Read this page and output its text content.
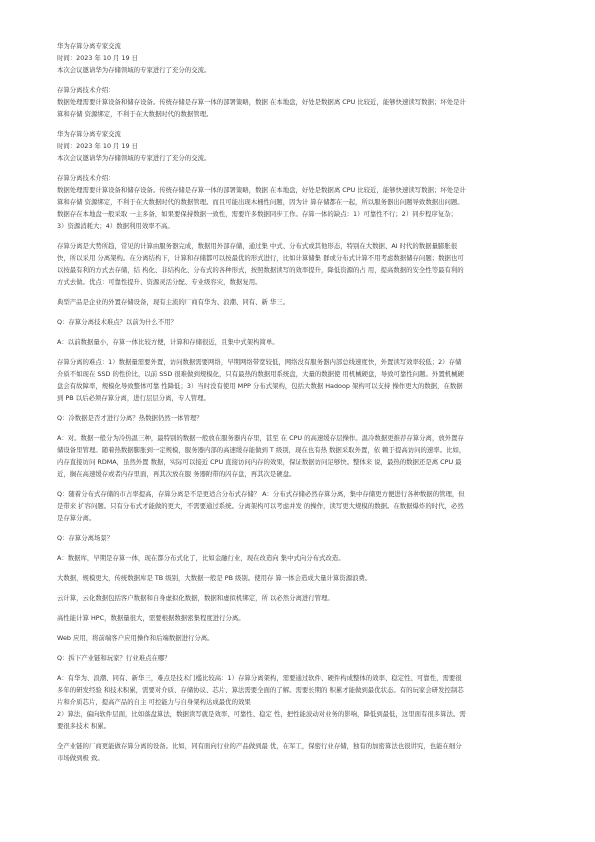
华为存算分离专家交流
时间：2023 年 10 月 19 日
本次会议邀请华为存储领域的专家进行了充分的交流。
存算分离技术介绍：
数据处理需要计算设备和储存设备。传统存储是存算一体的部署策略，数据 在本地盘，好处是数据离 CPU 比较近，能够快速读写数据；坏处是计
算和存储 资源绑定，不利于在大数据时代的数据管理。
华为存算分离专家交流
时间：2023 年 10 月 19 日
本次会议邀请华为存储领域的专家进行了充分的交流。
存算分离技术介绍：
数据处理需要计算设备和储存设备。传统存储是存算一体的部署策略，数据 在本地盘，好处是数据离 CPU 比较近，能够快速读写数据；坏处是计
算和存储 资源绑定，不利于在大数据时代的数据管理。而且可能出现木桶性问题，因为计 算存储都在一起，所以服务器出问题导致数据出问题。
数据存在本地盘一般采取 一主多备，如果要保持数据一致性，需要许多数据同步工作。存算一体的缺点：1）可靠性不行；2）同步程序复杂；
3）资源消耗大；4）数据利用效率不高。
存算分离是大势所趋，常见的计算由服务器完成，数据用外部存储，通过集 中式、分布式或其他形态，特别在大数据、AI 时代的数据量膨胀很
快，所以采用 分离架构。在分离结构下，计算和存储都可以按最优的形式进行，比如计算储集 群或分布式计算不用考虑数据储存问题；数据也可
以按最有利的方式去存储，结 构化、非结构化、分布式的各种形式，按照数据读写的效率提升，降低资源的占 用，提高数据的安全性等最有利的
方式去做。优点：可靠性提升、资源灵活分配、专业级容灾，数据复用。
典型产品是企业的外置存储设备，现有主流的厂商有华为、浪潮、同有、新 华三。
Q：存算分离技术难点？以前为什么不用？
A：以前数据量小，存算一体比较方便，计算和存储很近，且集中式架构简单。
存算分离的难点：1）数据量需要外置，访问数据需要网络，早期网络带宽较低，网络没有服务器内部总线速度快，外置读写效率较低；2）存储
介质不如现在 SSD 的性价比，以前 SSD 很难做到规模化，只有最热的数据用系统盘，大量的数据使 用机械硬盘，导致可靠性问题。外置机械硬
盘会有故障率，规模化导致整体可靠 性降低；3）当时没有使用 MPP 分布式架构，包括大数据 Hadoop 架构可以支持 操作更大的数据，在数据
到 PB 以后必须存算分离，进行层层分离，专人管理。
Q：冷数据是否才进行分离？热数据仍然一体管理？
A：对。数据一般分为冷热温三种，最特别的数据一般放在服务器内存里，甚至 在 CPU 的高速缓存层操作。温冷数据更推荐存算分离，放外置存
储设备里管理。随着热数据膨胀到一定规模，服务器内部的高速缓存能做到 T 级别，现在也有热 数据采取外置，依 赖于提高访问的速率。比如，
内存直接访问 RDMA，虽然外置 数据，实际可以接近 CPU 直接访问内存的效果，保证数据访问足够快。整体来 说，最热的数据还是离 CPU 最
近，搁在高速缓存或者内存里面，再其次放在服 务器附带的闪存盘，再其次是硬盘。
Q：随着分布式存储的市占率提高，存算分离是不是更适合分布式存储？ A：分布式存储必然存算分离，集中存储更方便进行各种数据的管理，但
是带来 扩容问题。只有分布式才能做的更大，不需要通过系统。分离架构可以考虑并发 的操作，读写更大规模的数据。在数据爆炸的时代，必然
是存算分离。
Q：存算分离场景？
A：数据库，早期是存算一体，现在都分布式化了，比如金融行业，现在改造向 集中式向分布式改造。
大数据，规模更大，传统数据库是 TB 级别，大数据一般是 PB 级别。使用存 算一体会造成大量计算资源浪费。
云计算，云化数据包括客户数据和自身虚拟化数据，数据和虚拟机绑定，所 以必然分离进行管理。
高性能计算 HPC，数据量很大，需要根据数据密集程度进行分离。
Web 应用，将前端客户应用操作和后端数据进行分离。
Q：拆下产业链和玩家？行业难点在哪？
A：有华为、浪潮、同有、新华三，难点是技术门槛比较高：1）存算分离架构，需要通过软件、硬件构成整体的效率、稳定性、可靠性，需要很
多年的研发经验 和技术积累，需要对介质、存储协议、芯片、算法需要全面的了解。需要长期的 积累才能做到最优状态。有的玩家会研发控制芯
片和介质芯片，提高产品的自主 可控能力与自身架构达成最优的效果
2）算法，偏向软件层面，比如落盘算法，数据读写就是效率、可靠性、稳定 性，把性能波动对业务的影响，降低到最低，这里面有很多算法。需
要很多技术 积累。
全产业链的厂商更能做存算分离的设备。比如，同有面向行业的产品做到最 优，在军工，保密行业存储，独有的加密算法也很讲究，也能在细分
市场做到极 致。
